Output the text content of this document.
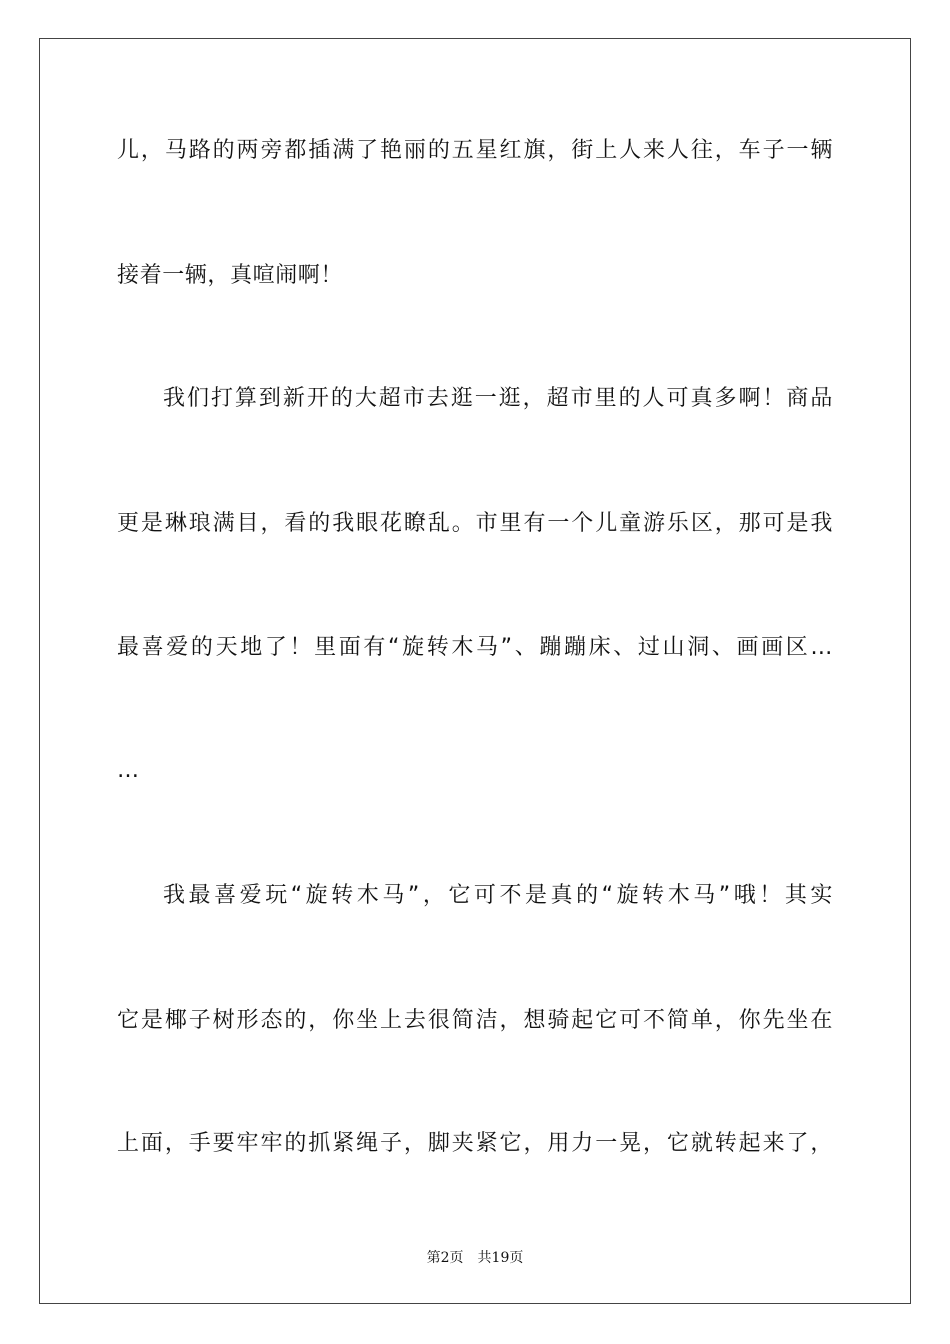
儿，马路的两旁都插满了艳丽的五星红旗，街上人来人往，车子一辆
接着一辆，真喧闹啊！
我们打算到新开的大超市去逛一逛，超市里的人可真多啊！商品
更是琳琅满目，看的我眼花瞭乱。市里有一个儿童游乐区，那可是我
最喜爱的天地了！里面有“旋转木马”、蹦蹦床、过山洞、画画区…
…
我最喜爱玩“旋转木马”，它可不是真的“旋转木马”哦！其实
它是椰子树形态的，你坐上去很简洁，想骑起它可不简单，你先坐在
上面，手要牢牢的抓紧绳子，脚夹紧它，用力一晃，它就转起来了，
第2页　共19页
